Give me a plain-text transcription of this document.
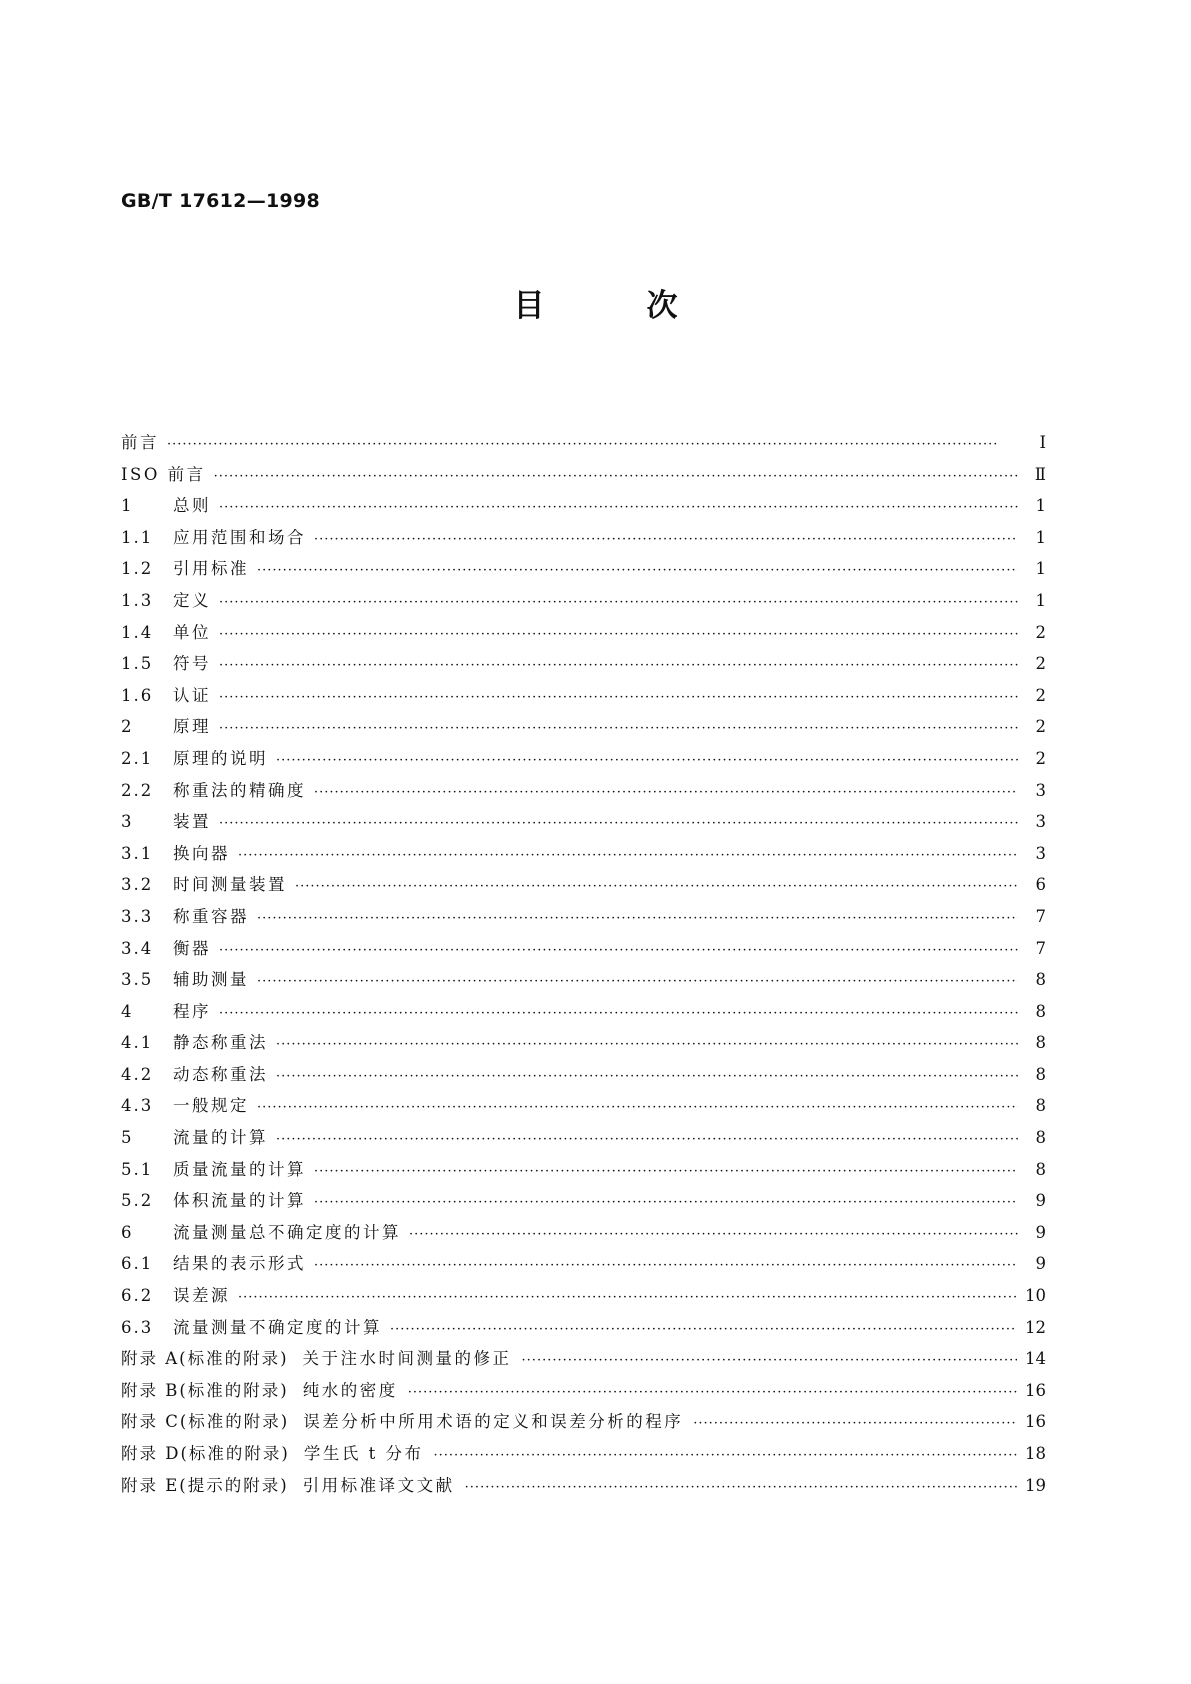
GB/T 17612—1998
目	次
前言 ·····	Ⅰ
ISO 前言 ·····	Ⅱ
1	总则 ·····	1
1.1	应用范围和场合 ·····	1
1.2	引用标准 ·····	1
1.3	定义 ·····	1
1.4	单位 ·····	2
1.5	符号 ·····	2
1.6	认证 ·····	2
2	原理 ·····	2
2.1	原理的说明 ·····	2
2.2	称重法的精确度 ·····	3
3	装置 ·····	3
3.1	换向器 ·····	3
3.2	时间测量装置 ·····	6
3.3	称重容器 ·····	7
3.4	衡器 ·····	7
3.5	辅助测量 ·····	8
4	程序 ·····	8
4.1	静态称重法 ·····	8
4.2	动态称重法 ·····	8
4.3	一般规定 ·····	8
5	流量的计算 ·····	8
5.1	质量流量的计算 ·····	8
5.2	体积流量的计算 ·····	9
6	流量测量总不确定度的计算 ·····	9
6.1	结果的表示形式 ·····	9
6.2	误差源 ·····	10
6.3	流量测量不确定度的计算 ·····	12
附录 A(标准的附录) 关于注水时间测量的修正 ·····	14
附录 B(标准的附录) 纯水的密度 ·····	16
附录 C(标准的附录) 误差分析中所用术语的定义和误差分析的程序 ·····	16
附录 D(标准的附录) 学生氏 t 分布 ·····	18
附录 E(提示的附录) 引用标准译文文献 ·····	19
